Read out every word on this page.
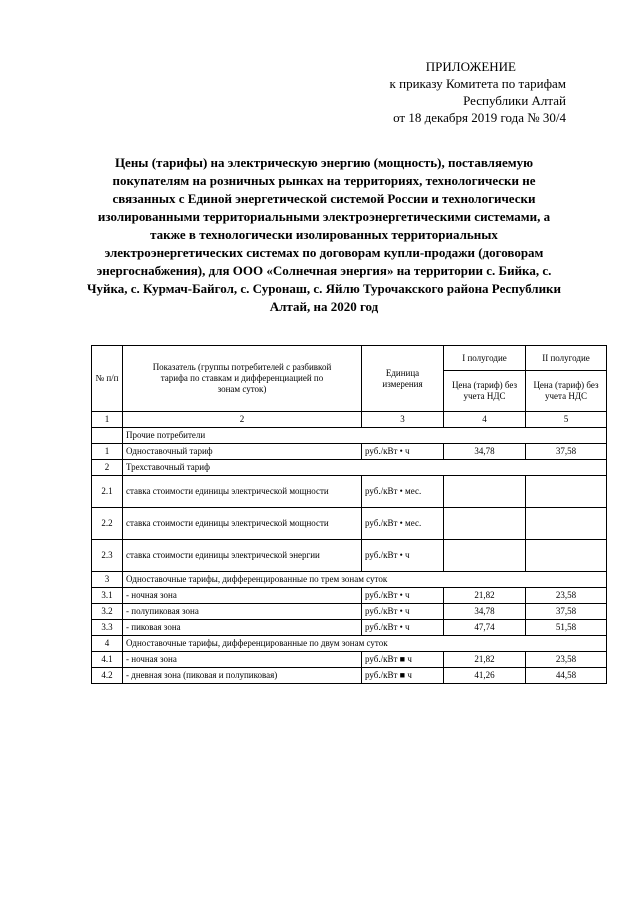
ПРИЛОЖЕНИЕ
к приказу Комитета по тарифам
Республики Алтай
от 18 декабря 2019 года № 30/4
Цены (тарифы) на электрическую энергию (мощность), поставляемую покупателям на розничных рынках на территориях, технологически не связанных с Единой энергетической системой России и технологически изолированными территориальными электроэнергетическими системами, а также в технологически изолированных территориальных электроэнергетических системах по договорам купли-продажи (договорам энергоснабжения), для ООО «Солнечная энергия» на территории с. Бийка, с. Чуйка, с. Курмач-Байгол, с. Суронаш, с. Яйлю Турочакского района Республики Алтай, на 2020 год
№ п/п	Показатель (группы потребителей с разбивкой тарифа по ставкам и дифференциацией по зонам суток)	Единица измерения	I полугодие	II полугодие
			Цена (тариф) без учета НДС	Цена (тариф) без учета НДС
1	2	3	4	5
	Прочие потребители			
1	Одноставочный тариф	руб./кВт • ч	34,78	37,58
2	Трехставочный тариф			
2.1	ставка стоимости единицы электрической мощности	руб./кВт • мес.		
2.2	ставка стоимости единицы электрической мощности	руб./кВт • мес.		
2.3	ставка стоимости единицы электрической энергии	руб./кВт • ч		
3	Одноставочные тарифы, дифференцированные по трем зонам суток			
3.1	- ночная зона	руб./кВт • ч	21,82	23,58
3.2	- полупиковая зона	руб./кВт • ч	34,78	37,58
3.3	- пиковая зона	руб./кВт • ч	47,74	51,58
4	Одноставочные тарифы, дифференцированные по двум зонам суток			
4.1	- ночная зона	руб./кВт ■ ч	21,82	23,58
4.2	- дневная зона (пиковая и полупиковая)	руб./кВт ■ ч	41,26	44,58
